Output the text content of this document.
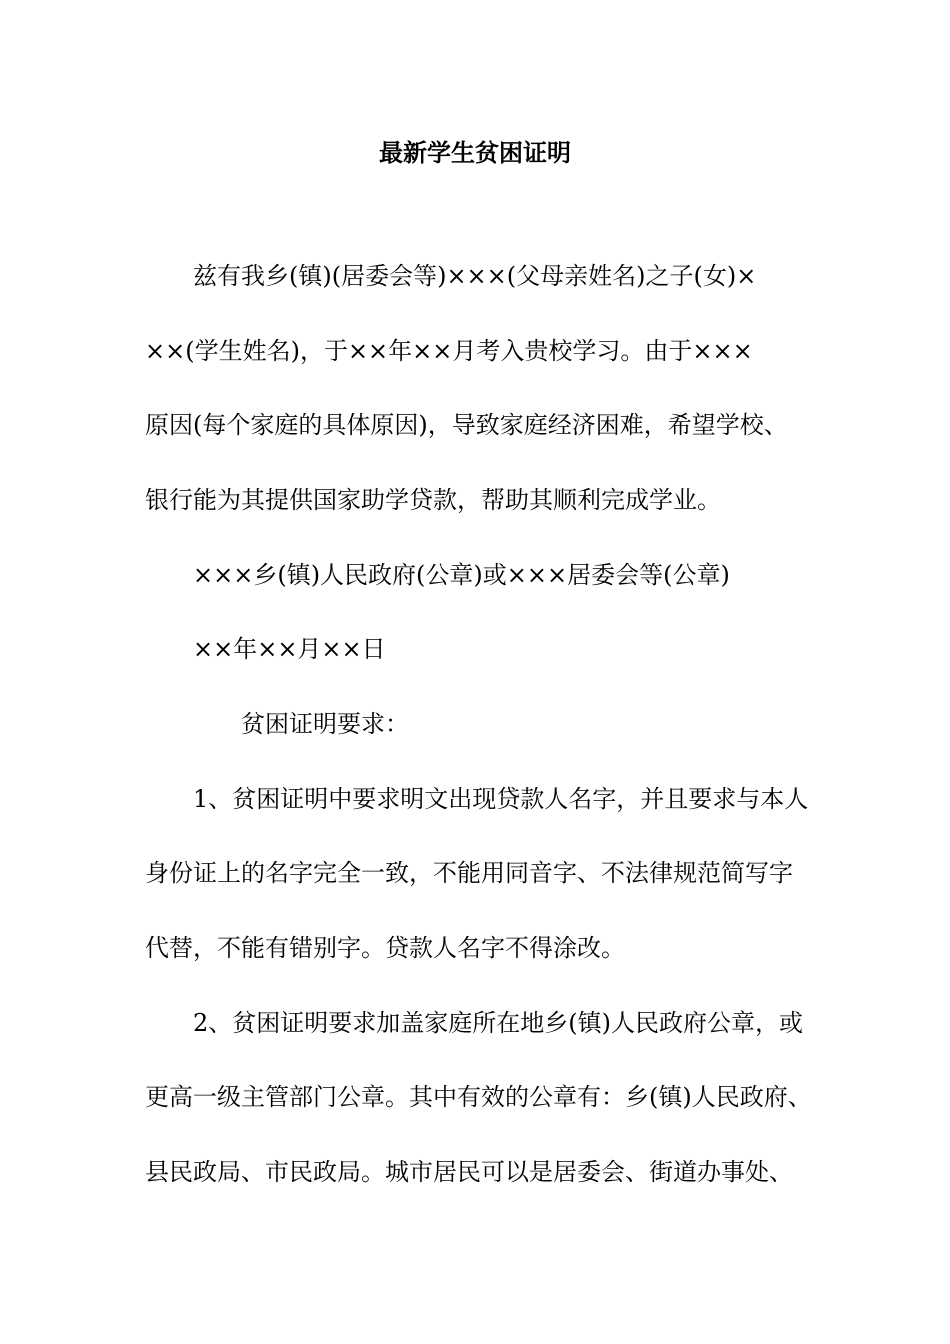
最新学生贫困证明

兹有我乡(镇)(居委会等)×××(父母亲姓名)之子(女)×

××(学生姓名)，于××年××月考入贵校学习。由于×××

原因(每个家庭的具体原因)，导致家庭经济困难，希望学校、

银行能为其提供国家助学贷款，帮助其顺利完成学业。

×××乡(镇)人民政府(公章)或×××居委会等(公章)

××年××月××日

贫困证明要求：

1、贫困证明中要求明文出现贷款人名字，并且要求与本人

身份证上的名字完全一致，不能用同音字、不法律规范简写字

代替，不能有错别字。贷款人名字不得涂改。

2、贫困证明要求加盖家庭所在地乡(镇)人民政府公章，或

更高一级主管部门公章。其中有效的公章有：乡(镇)人民政府、

县民政局、市民政局。城市居民可以是居委会、街道办事处、
